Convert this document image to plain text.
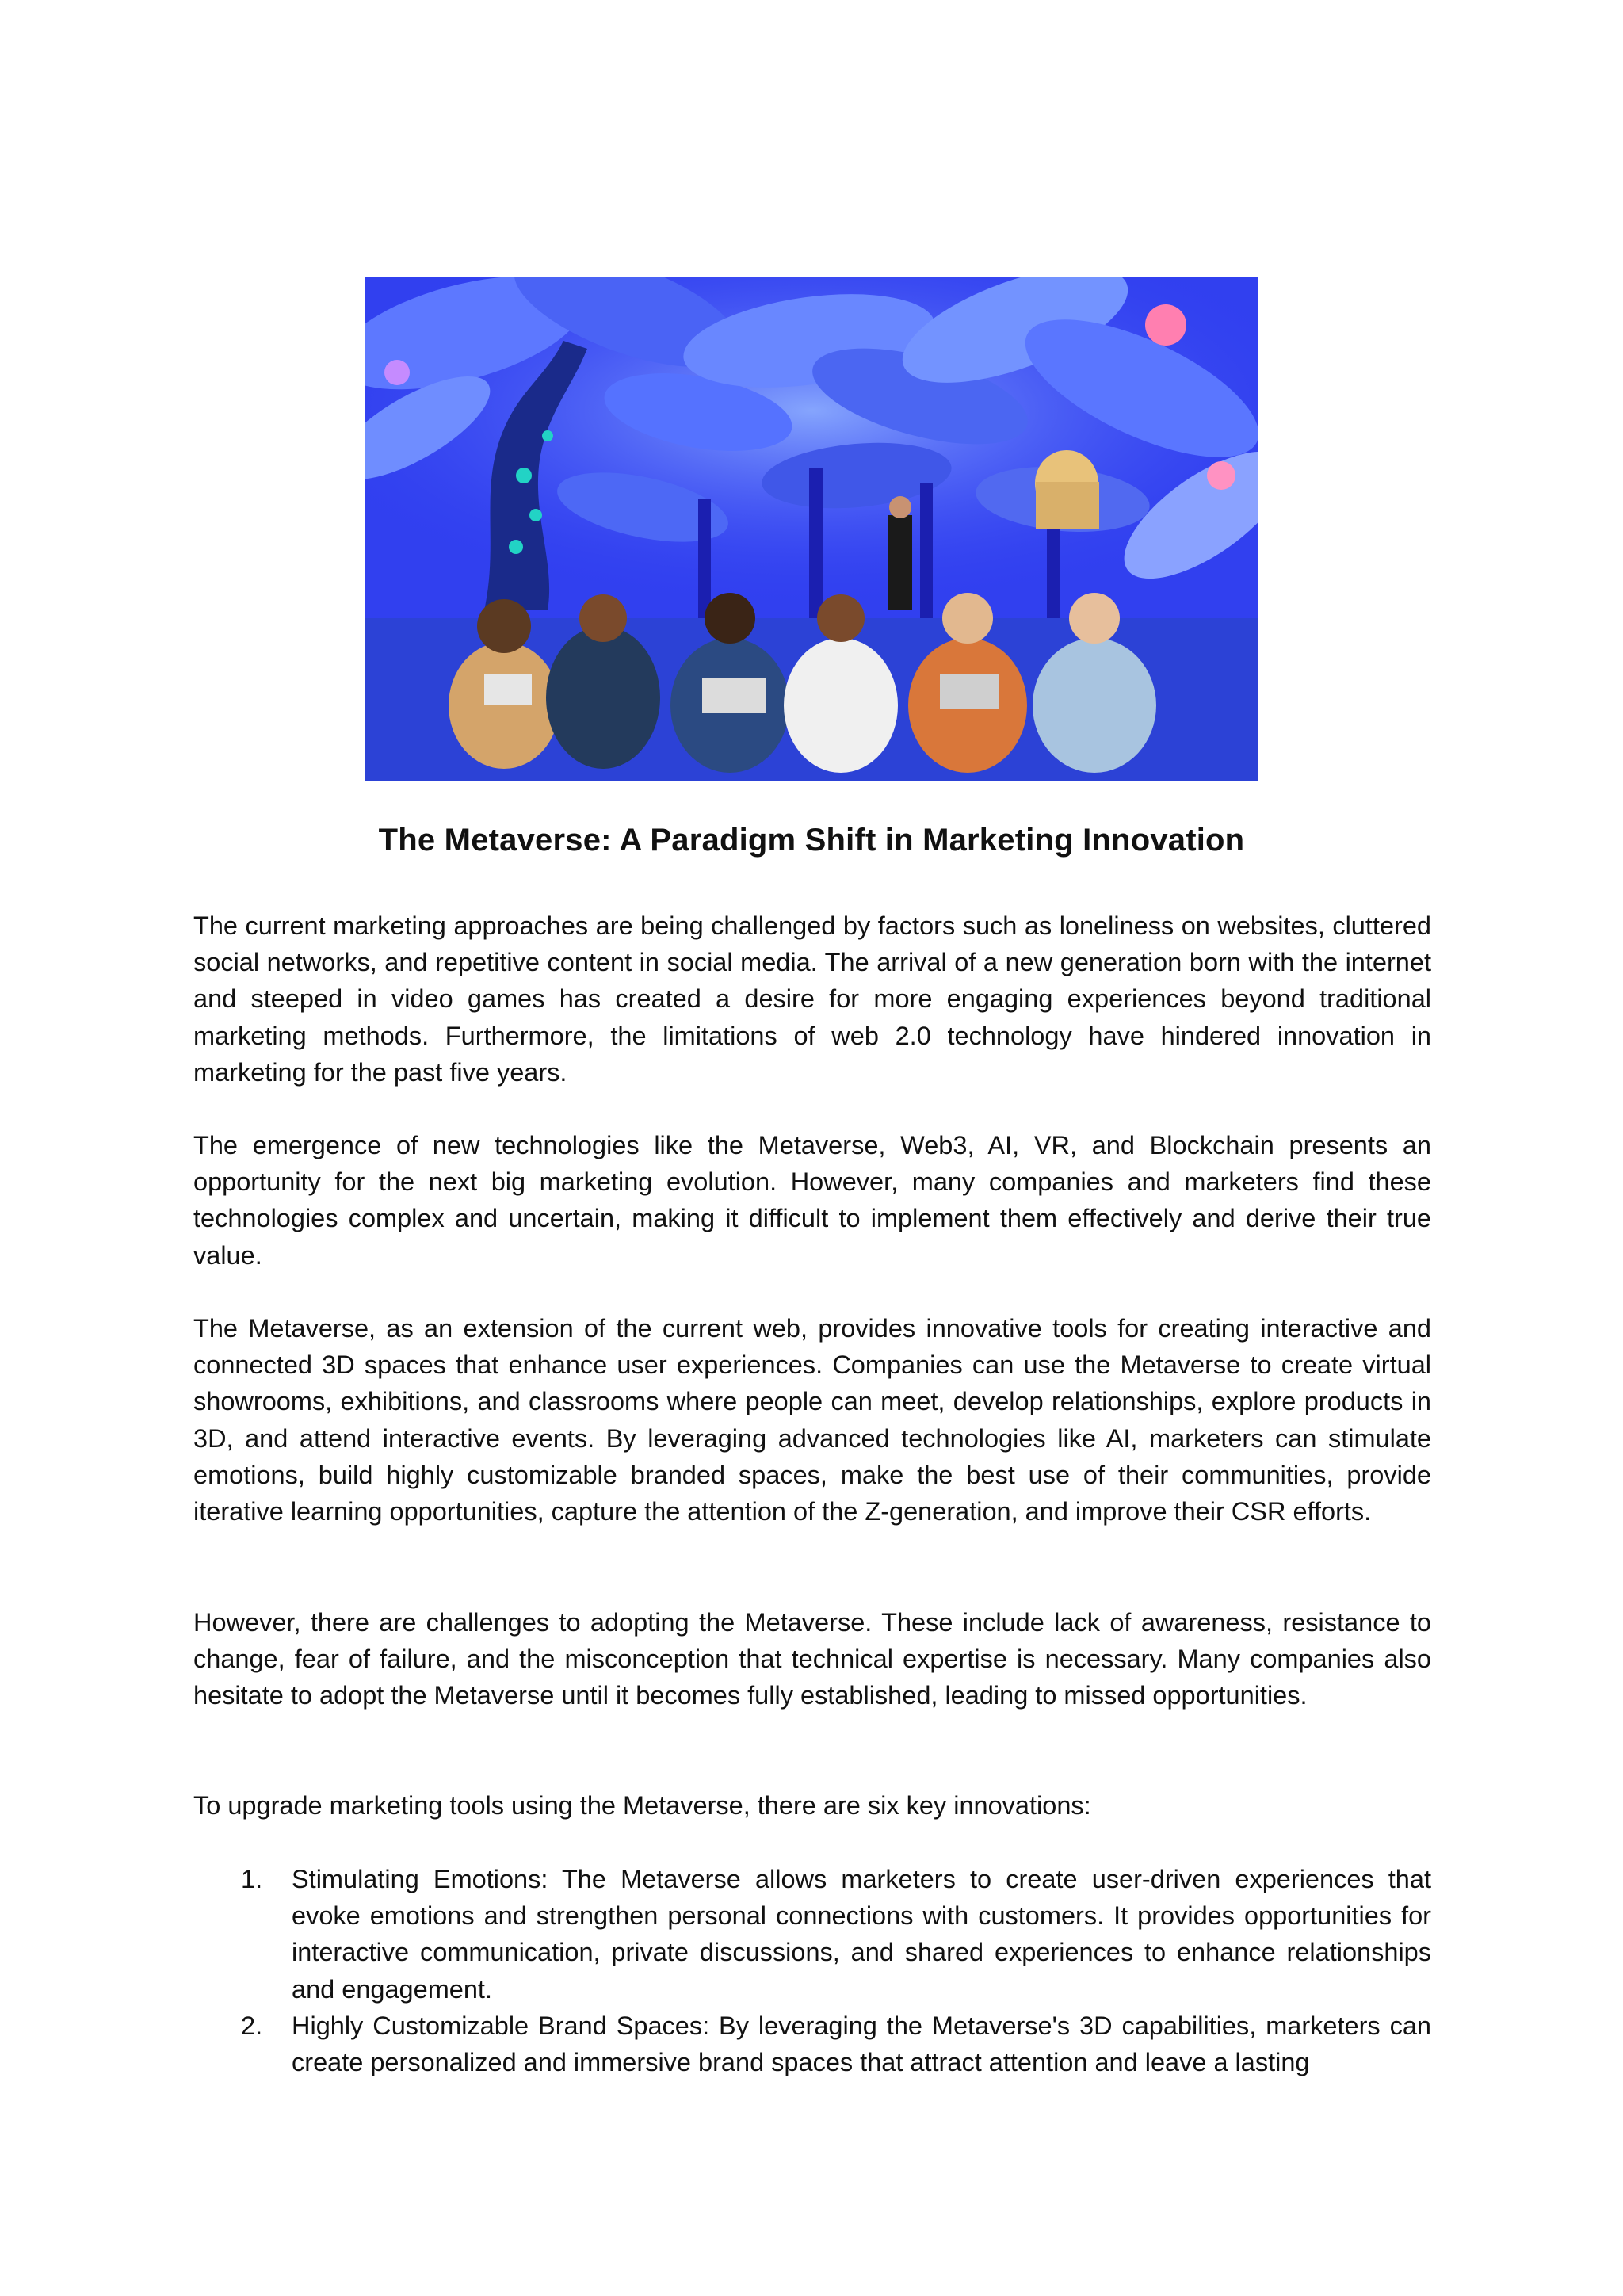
The Metaverse: A Paradigm Shift in Marketing Innovation

The current marketing approaches are being challenged by factors such as loneliness on websites, cluttered social networks, and repetitive content in social media. The arrival of a new generation born with the internet and steeped in video games has created a desire for more engaging experiences beyond traditional marketing methods. Furthermore, the limitations of web 2.0 technology have hindered innovation in marketing for the past five years.

The emergence of new technologies like the Metaverse, Web3, AI, VR, and Blockchain presents an opportunity for the next big marketing evolution. However, many companies and marketers find these technologies complex and uncertain, making it difficult to implement them effectively and derive their true value.

The Metaverse, as an extension of the current web, provides innovative tools for creating interactive and connected 3D spaces that enhance user experiences. Companies can use the Metaverse to create virtual showrooms, exhibitions, and classrooms where people can meet, develop relationships, explore products in 3D, and attend interactive events. By leveraging advanced technologies like AI, marketers can stimulate emotions, build highly customizable branded spaces, make the best use of their communities, provide iterative learning opportunities, capture the attention of the Z-generation, and improve their CSR efforts.

However, there are challenges to adopting the Metaverse. These include lack of awareness, resistance to change, fear of failure, and the misconception that technical expertise is necessary. Many companies also hesitate to adopt the Metaverse until it becomes fully established, leading to missed opportunities.

To upgrade marketing tools using the Metaverse, there are six key innovations:

1. Stimulating Emotions: The Metaverse allows marketers to create user-driven experiences that evoke emotions and strengthen personal connections with customers. It provides opportunities for interactive communication, private discussions, and shared experiences to enhance relationships and engagement.
2. Highly Customizable Brand Spaces: By leveraging the Metaverse's 3D capabilities, marketers can create personalized and immersive brand spaces that attract attention and leave a lasting
